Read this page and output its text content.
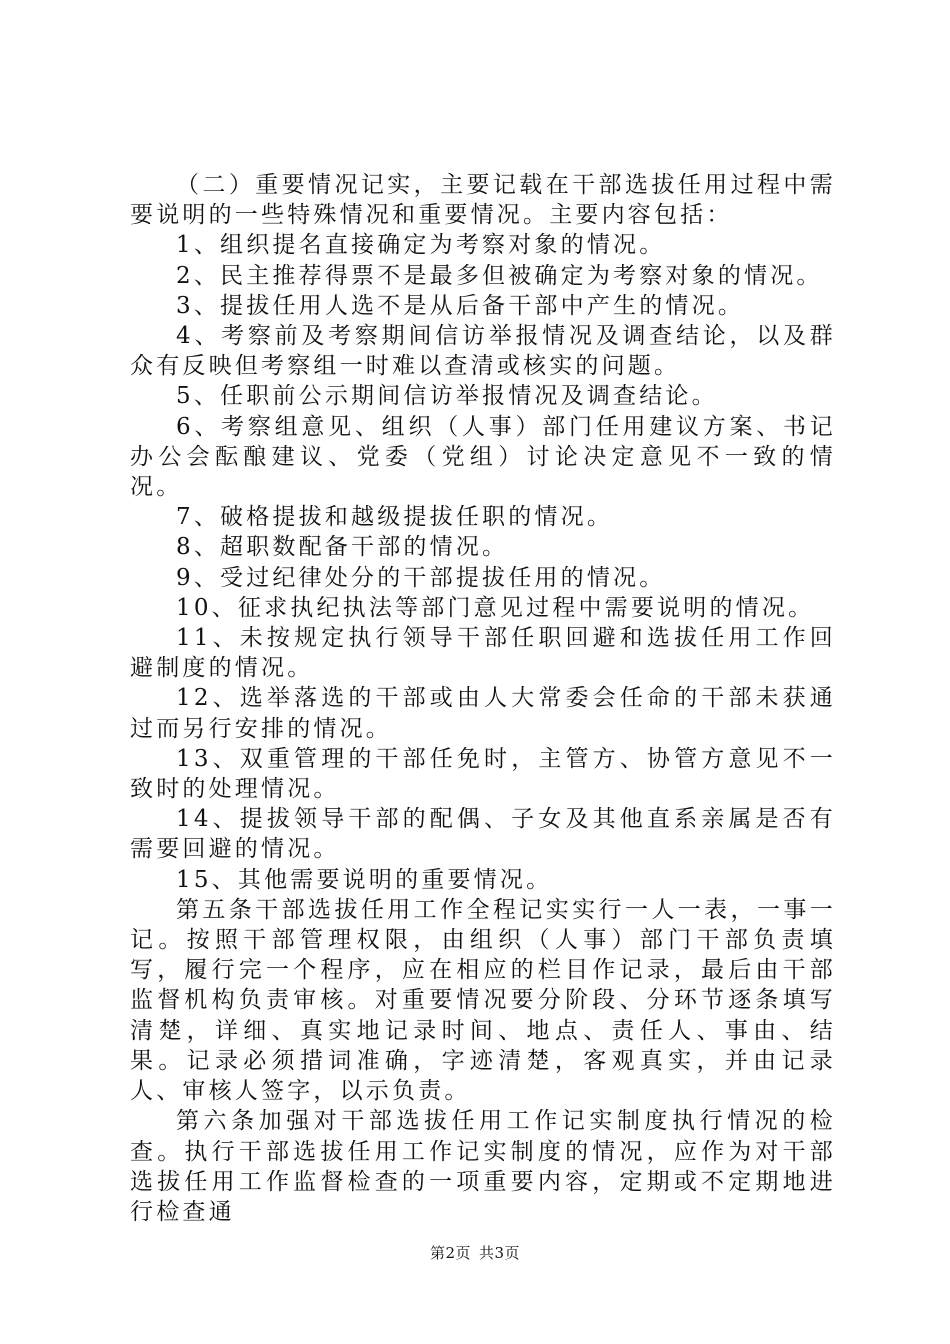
（二）重要情况记实，主要记载在干部选拔任用过程中需要说明的一些特殊情况和重要情况。主要内容包括：

1、组织提名直接确定为考察对象的情况。

2、民主推荐得票不是最多但被确定为考察对象的情况。

3、提拔任用人选不是从后备干部中产生的情况。

4、考察前及考察期间信访举报情况及调查结论，以及群众有反映但考察组一时难以查清或核实的问题。

5、任职前公示期间信访举报情况及调查结论。

6、考察组意见、组织（人事）部门任用建议方案、书记办公会酝酿建议、党委（党组）讨论决定意见不一致的情况。

7、破格提拔和越级提拔任职的情况。

8、超职数配备干部的情况。

9、受过纪律处分的干部提拔任用的情况。

10、征求执纪执法等部门意见过程中需要说明的情况。

11、未按规定执行领导干部任职回避和选拔任用工作回避制度的情况。

12、选举落选的干部或由人大常委会任命的干部未获通过而另行安排的情况。

13、双重管理的干部任免时，主管方、协管方意见不一致时的处理情况。

14、提拔领导干部的配偶、子女及其他直系亲属是否有需要回避的情况。

15、其他需要说明的重要情况。

第五条干部选拔任用工作全程记实实行一人一表，一事一记。按照干部管理权限，由组织（人事）部门干部负责填写，履行完一个程序，应在相应的栏目作记录，最后由干部监督机构负责审核。对重要情况要分阶段、分环节逐条填写清楚，详细、真实地记录时间、地点、责任人、事由、结果。记录必须措词准确，字迹清楚，客观真实，并由记录人、审核人签字，以示负责。

第六条加强对干部选拔任用工作记实制度执行情况的检查。执行干部选拔任用工作记实制度的情况，应作为对干部选拔任用工作监督检查的一项重要内容，定期或不定期地进行检查通

第2页 共3页
